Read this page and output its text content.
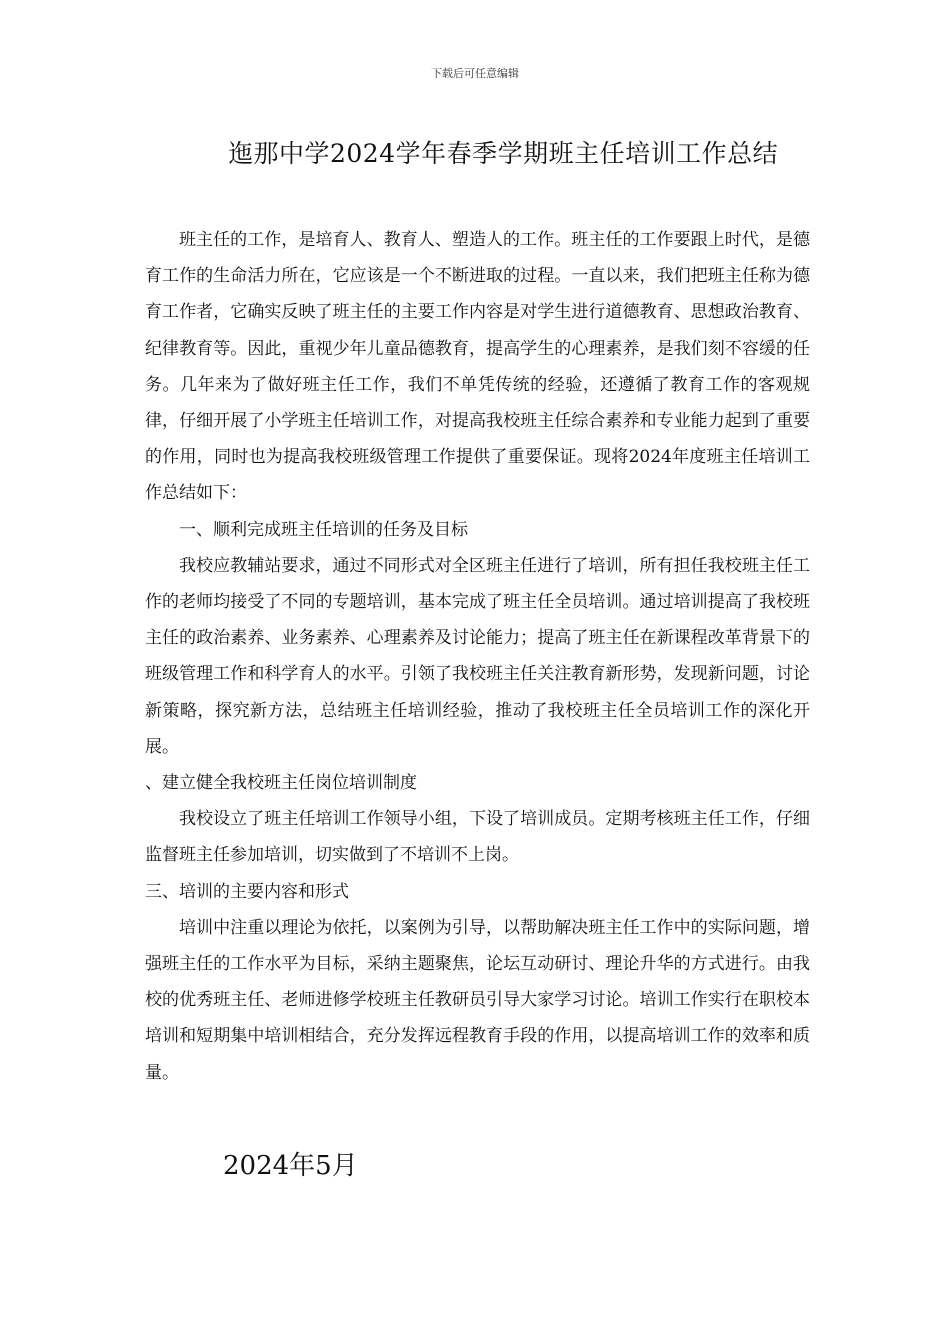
下载后可任意编辑
迤那中学2024学年春季学期班主任培训工作总结

班主任的工作，是培育人、教育人、塑造人的工作。班主任的工作要跟上时代，是德育工作的生命活力所在，它应该是一个不断进取的过程。一直以来，我们把班主任称为德育工作者，它确实反映了班主任的主要工作内容是对学生进行道德教育、思想政治教育、纪律教育等。因此，重视少年儿童品德教育，提高学生的心理素养，是我们刻不容缓的任务。几年来为了做好班主任工作，我们不单凭传统的经验，还遵循了教育工作的客观规律，仔细开展了小学班主任培训工作，对提高我校班主任综合素养和专业能力起到了重要的作用，同时也为提高我校班级管理工作提供了重要保证。现将2024年度班主任培训工作总结如下：

一、顺利完成班主任培训的任务及目标

我校应教辅站要求，通过不同形式对全区班主任进行了培训，所有担任我校班主任工作的老师均接受了不同的专题培训，基本完成了班主任全员培训。通过培训提高了我校班主任的政治素养、业务素养、心理素养及讨论能力；提高了班主任在新课程改革背景下的班级管理工作和科学育人的水平。引领了我校班主任关注教育新形势，发现新问题，讨论新策略，探究新方法，总结班主任培训经验，推动了我校班主任全员培训工作的深化开展。

、建立健全我校班主任岗位培训制度

我校设立了班主任培训工作领导小组，下设了培训成员。定期考核班主任工作，仔细监督班主任参加培训，切实做到了不培训不上岗。

三、培训的主要内容和形式

培训中注重以理论为依托，以案例为引导，以帮助解决班主任工作中的实际问题，增强班主任的工作水平为目标，采纳主题聚焦，论坛互动研讨、理论升华的方式进行。由我校的优秀班主任、老师进修学校班主任教研员引导大家学习讨论。培训工作实行在职校本培训和短期集中培训相结合，充分发挥远程教育手段的作用，以提高培训工作的效率和质量。

2024年5月
